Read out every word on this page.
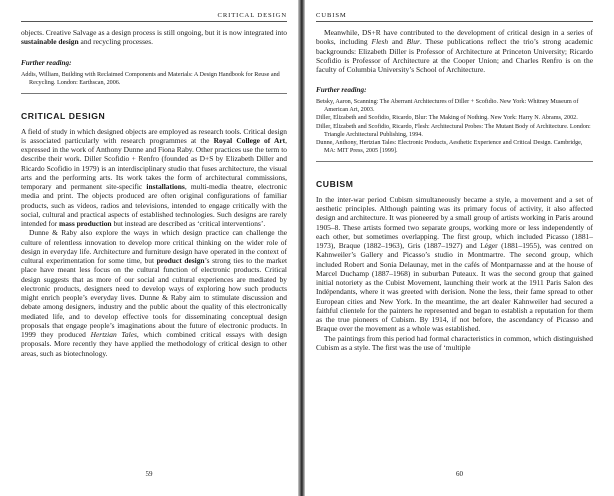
CRITICAL DESIGN

objects. Creative Salvage as a design process is still ongoing, but it is now integrated into sustainable design and recycling processes.

Further reading:

Addis, William, Building with Reclaimed Components and Materials: A Design Handbook for Reuse and Recycling. London: Earthscan, 2006.

CRITICAL DESIGN

A field of study in which designed objects are employed as research tools. Critical design is associated particularly with research programmes at the Royal College of Art, expressed in the work of Anthony Dunne and Fiona Raby. Other practices use the term to describe their work. Diller Scofidio + Renfro (founded as D+S by Elizabeth Diller and Ricardo Scofidio in 1979) is an interdisciplinary studio that fuses architecture, the visual arts and the performing arts. Its work takes the form of architectural commissions, temporary and permanent site-specific installations, multi-media theatre, electronic media and print. The objects produced are often original configurations of familiar products, such as videos, radios and televisions, intended to engage critically with the social, cultural and practical aspects of established technologies. Such designs are rarely intended for mass production but instead are described as ‘critical interventions’.

Dunne & Raby also explore the ways in which design practice can challenge the culture of relentless innovation to develop more critical thinking on the wider role of design in everyday life. Architecture and furniture design have operated in the context of cultural experimentation for some time, but product design’s strong ties to the market place have meant less focus on the cultural function of electronic products. Critical design suggests that as more of our social and cultural experiences are mediated by electronic products, designers need to develop ways of exploring how such products might enrich people’s everyday lives. Dunne & Raby aim to stimulate discussion and debate among designers, industry and the public about the quality of this electronically mediated life, and to develop effective tools for disseminating conceptual design proposals that engage people’s imaginations about the future of electronic products. In 1999 they produced Hertzian Tales, which combined critical essays with design proposals. More recently they have applied the methodology of critical design to other areas, such as biotechnology.

59
CUBISM

Meanwhile, DS+R have contributed to the development of critical design in a series of books, including Flesh and Blur. These publications reflect the trio’s strong academic backgrounds: Elizabeth Diller is Professor of Architecture at Princeton University; Ricardo Scofidio is Professor of Architecture at the Cooper Union; and Charles Renfro is on the faculty of Columbia University’s School of Architecture.

Further reading:

Betsky, Aaron, Scanning: The Aberrant Architectures of Diller + Scofidio. New York: Whitney Museum of American Art, 2003.

Diller, Elizabeth and Scofidio, Ricardo, Blur: The Making of Nothing. New York: Harry N. Abrams, 2002.

Diller, Elizabeth and Scofidio, Ricardo, Flesh: Architectural Probes: The Mutant Body of Architecture. London: Triangle Architectural Publishing, 1994.

Dunne, Anthony, Hertzian Tales: Electronic Products, Aesthetic Experience and Critical Design. Cambridge, MA: MIT Press, 2005 [1999].

CUBISM

In the inter-war period Cubism simultaneously became a style, a movement and a set of aesthetic principles. Although painting was its primary focus of activity, it also affected design and architecture. It was pioneered by a small group of artists working in Paris around 1905–8. These artists formed two separate groups, working more or less independently of each other, but sometimes overlapping. The first group, which included Picasso (1881–1973), Braque (1882–1963), Gris (1887–1927) and Léger (1881–1955), was centred on Kahnweiler’s Gallery and Picasso’s studio in Montmartre. The second group, which included Robert and Sonia Delaunay, met in the cafés of Montparnasse and at the house of Marcel Duchamp (1887–1968) in suburban Puteaux. It was the second group that gained initial notoriety as the Cubist Movement, launching their work at the 1911 Paris Salon des Indépendants, where it was greeted with derision. None the less, their fame spread to other European cities and New York. In the meantime, the art dealer Kahnweiler had secured a faithful clientele for the painters he represented and began to establish a reputation for them as the true pioneers of Cubism. By 1914, if not before, the ascendancy of Picasso and Braque over the movement as a whole was established.

The paintings from this period had formal characteristics in common, which distinguished Cubism as a style. The first was the use of ‘multiple

60
